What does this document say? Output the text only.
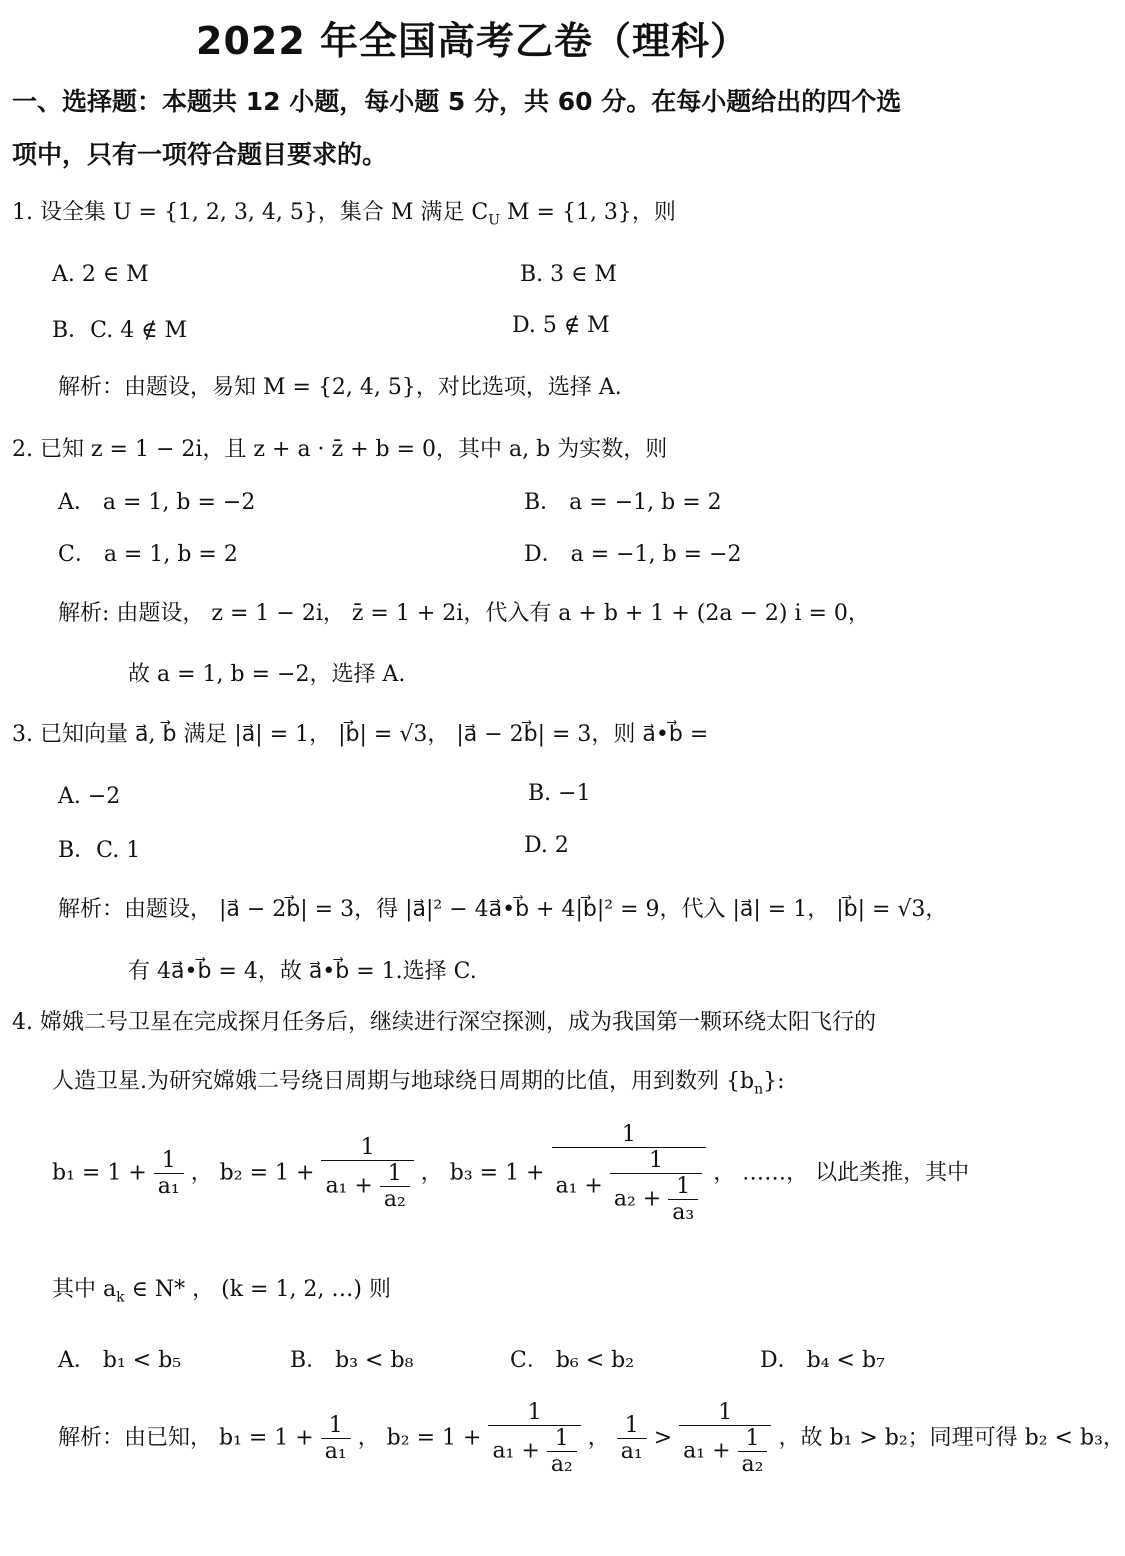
2022 年全国高考乙卷（理科）
一、选择题：本题共 12 小题，每小题 5 分，共 60 分。在每小题给出的四个选
项中，只有一项符合题目要求的。
1. 设全集 U = {1, 2, 3, 4, 5}，集合 M 满足 $C_U$ M = {1, 3}，则
A. 2 ∈ M	B. 3 ∈ M
B．C. 4 ∉ M	D. 5 ∉ M
解析：由题设，易知 M = {2, 4, 5}，对比选项，选择 A.
2. 已知 z = 1 − 2i，且 z + a · z̄ + b = 0，其中 a, b 为实数，则
A． a = 1, b = −2	B． a = −1, b = 2
C． a = 1, b = 2	D． a = −1, b = −2
解析: 由题设， z = 1 − 2i， z̄ = 1 + 2i，代入有 a + b + 1 + (2a − 2) i = 0，
故 a = 1, b = −2，选择 A.
3. 已知向量 a⃗, b⃗ 满足 |a⃗| = 1， |b⃗| = √3， |a⃗ − 2b⃗| = 3，则 a⃗•b⃗ =
A. −2	B. −1
B．C. 1	D. 2
解析：由题设， |a⃗ − 2b⃗| = 3，得 |a⃗|² − 4a⃗•b⃗ + 4|b⃗|² = 9，代入 |a⃗| = 1， |b⃗| = √3，
有 4a⃗•b⃗ = 4，故 a⃗•b⃗ = 1.选择 C.
4. 嫦娥二号卫星在完成探月任务后，继续进行深空探测，成为我国第一颗环绕太阳飞行的
人造卫星.为研究嫦娥二号绕日周期与地球绕日周期的比值，用到数列 $\{b_n\}$:
$b_1 = 1 + \frac{1}{\text{a₁}}$ ， $b_2 = 1 + \frac{1}{a_1 + \frac{1}{\text{a₂}}}$ ， b₃ = 1 +
1
$a_1 + \frac{1}{a_2 + \frac{1}{\text{a₃}}}$ ， ……， 以此类推，其中
其中 $a_k$ ∈ N* ， (k = 1, 2, …) 则
A． b₁ < b₅	B． b₃ < b₈	C． b₆ < b₂	D． b₄ < b₇
解析：由已知， $b_1 = 1 + \frac{1}{\text{a₁}}$ ， $b_2 = 1 + \frac{1}{a_1 + \frac{1}{\text{a₂}}}$ ， $\frac{1}{\text{a₁}} > \frac{1}{a_1 + \frac{1}{\text{a₂}}}$ ，故 b₁ > b₂；同理可得 b₂ < b₃，
